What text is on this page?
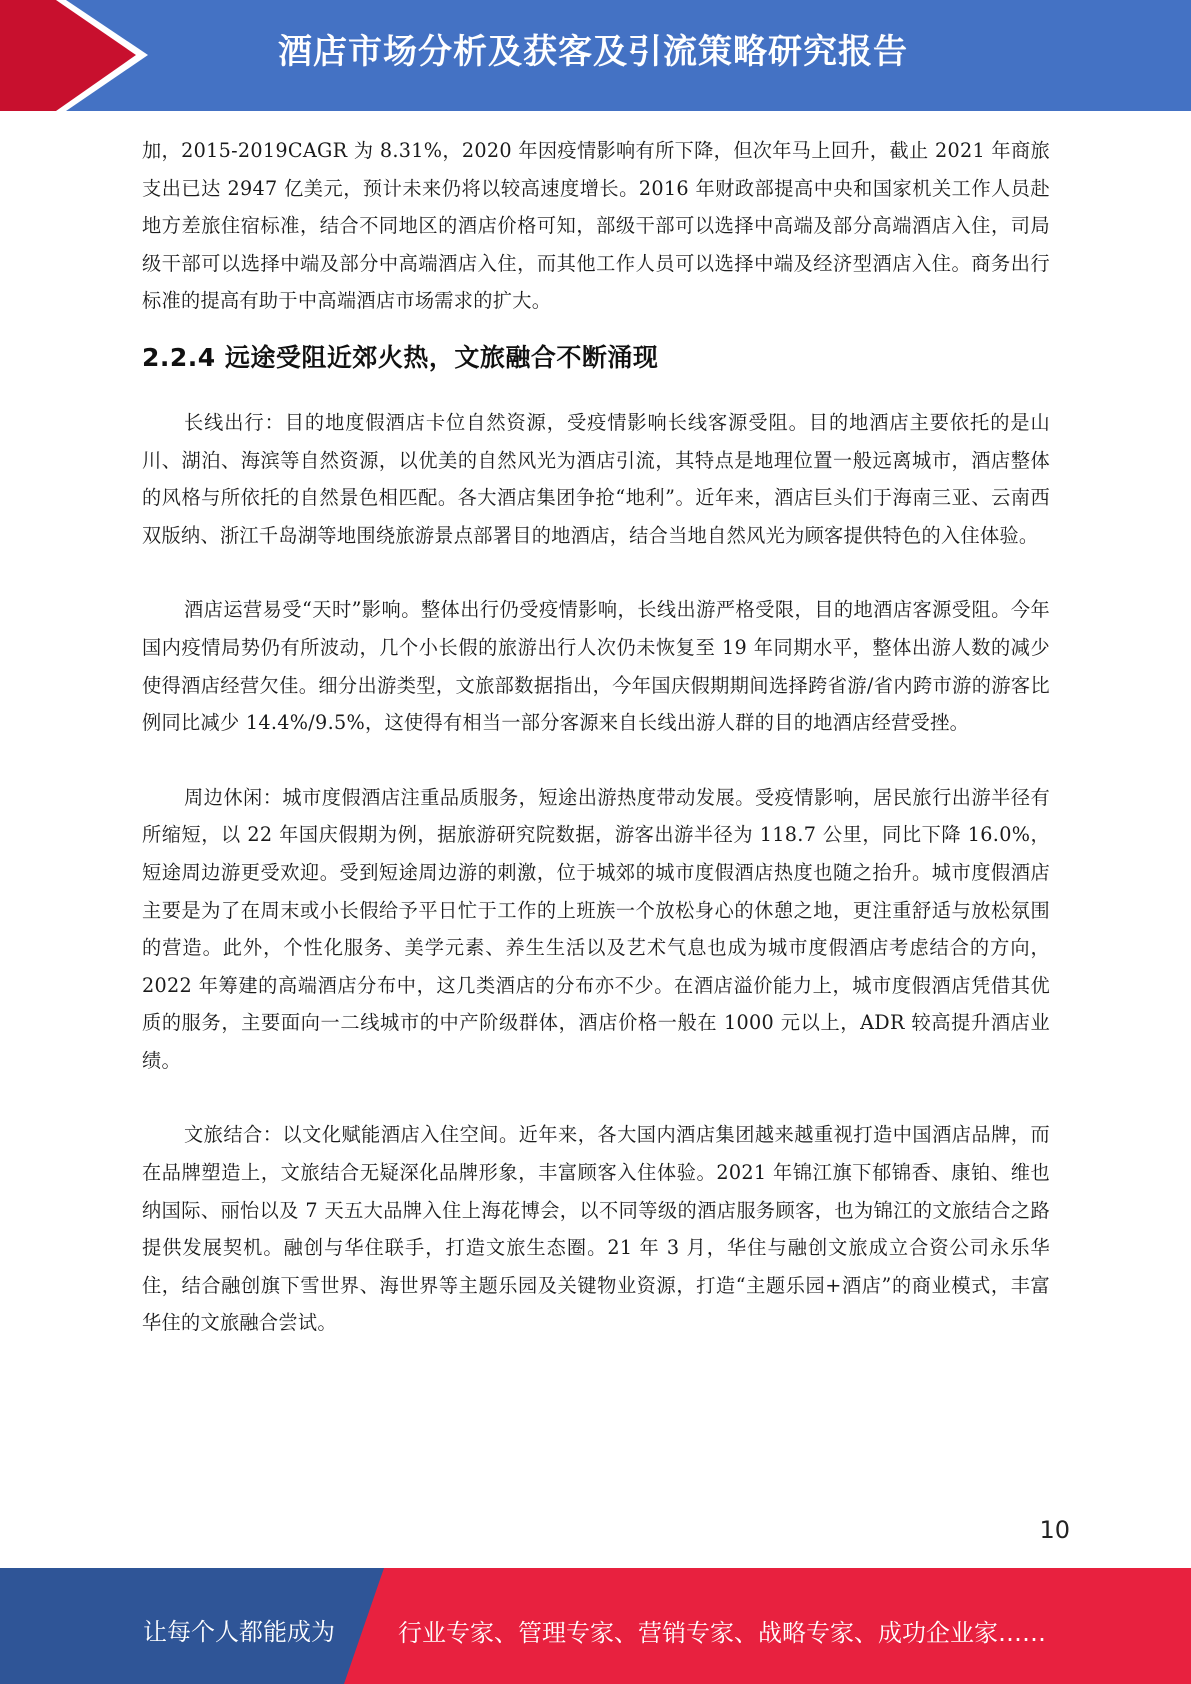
酒店市场分析及获客及引流策略研究报告

加，2015-2019CAGR 为 8.31%，2020 年因疫情影响有所下降，但次年马上回升，截止 2021 年商旅支出已达 2947 亿美元，预计未来仍将以较高速度增长。2016 年财政部提高中央和国家机关工作人员赴地方差旅住宿标准，结合不同地区的酒店价格可知，部级干部可以选择中高端及部分高端酒店入住，司局级干部可以选择中端及部分中高端酒店入住，而其他工作人员可以选择中端及经济型酒店入住。商务出行标准的提高有助于中高端酒店市场需求的扩大。

2.2.4 远途受阻近郊火热，文旅融合不断涌现

长线出行：目的地度假酒店卡位自然资源，受疫情影响长线客源受阻。目的地酒店主要依托的是山川、湖泊、海滨等自然资源，以优美的自然风光为酒店引流，其特点是地理位置一般远离城市，酒店整体的风格与所依托的自然景色相匹配。各大酒店集团争抢“地利”。近年来，酒店巨头们于海南三亚、云南西双版纳、浙江千岛湖等地围绕旅游景点部署目的地酒店，结合当地自然风光为顾客提供特色的入住体验。

酒店运营易受“天时”影响。整体出行仍受疫情影响，长线出游严格受限，目的地酒店客源受阻。今年国内疫情局势仍有所波动，几个小长假的旅游出行人次仍未恢复至 19 年同期水平，整体出游人数的减少使得酒店经营欠佳。细分出游类型，文旅部数据指出，今年国庆假期期间选择跨省游/省内跨市游的游客比例同比减少 14.4%/9.5%，这使得有相当一部分客源来自长线出游人群的目的地酒店经营受挫。

周边休闲：城市度假酒店注重品质服务，短途出游热度带动发展。受疫情影响，居民旅行出游半径有所缩短，以 22 年国庆假期为例，据旅游研究院数据，游客出游半径为 118.7 公里，同比下降 16.0%，短途周边游更受欢迎。受到短途周边游的刺激，位于城郊的城市度假酒店热度也随之抬升。城市度假酒店主要是为了在周末或小长假给予平日忙于工作的上班族一个放松身心的休憩之地，更注重舒适与放松氛围的营造。此外，个性化服务、美学元素、养生生活以及艺术气息也成为城市度假酒店考虑结合的方向，2022 年筹建的高端酒店分布中，这几类酒店的分布亦不少。在酒店溢价能力上，城市度假酒店凭借其优质的服务，主要面向一二线城市的中产阶级群体，酒店价格一般在 1000 元以上，ADR 较高提升酒店业绩。

文旅结合：以文化赋能酒店入住空间。近年来，各大国内酒店集团越来越重视打造中国酒店品牌，而在品牌塑造上，文旅结合无疑深化品牌形象，丰富顾客入住体验。2021 年锦江旗下郁锦香、康铂、维也纳国际、丽怡以及 7 天五大品牌入住上海花博会，以不同等级的酒店服务顾客，也为锦江的文旅结合之路提供发展契机。融创与华住联手，打造文旅生态圈。21 年 3 月，华住与融创文旅成立合资公司永乐华住，结合融创旗下雪世界、海世界等主题乐园及关键物业资源，打造“主题乐园+酒店”的商业模式，丰富华住的文旅融合尝试。

10
让每个人都能成为	行业专家、管理专家、营销专家、战略专家、成功企业家……
